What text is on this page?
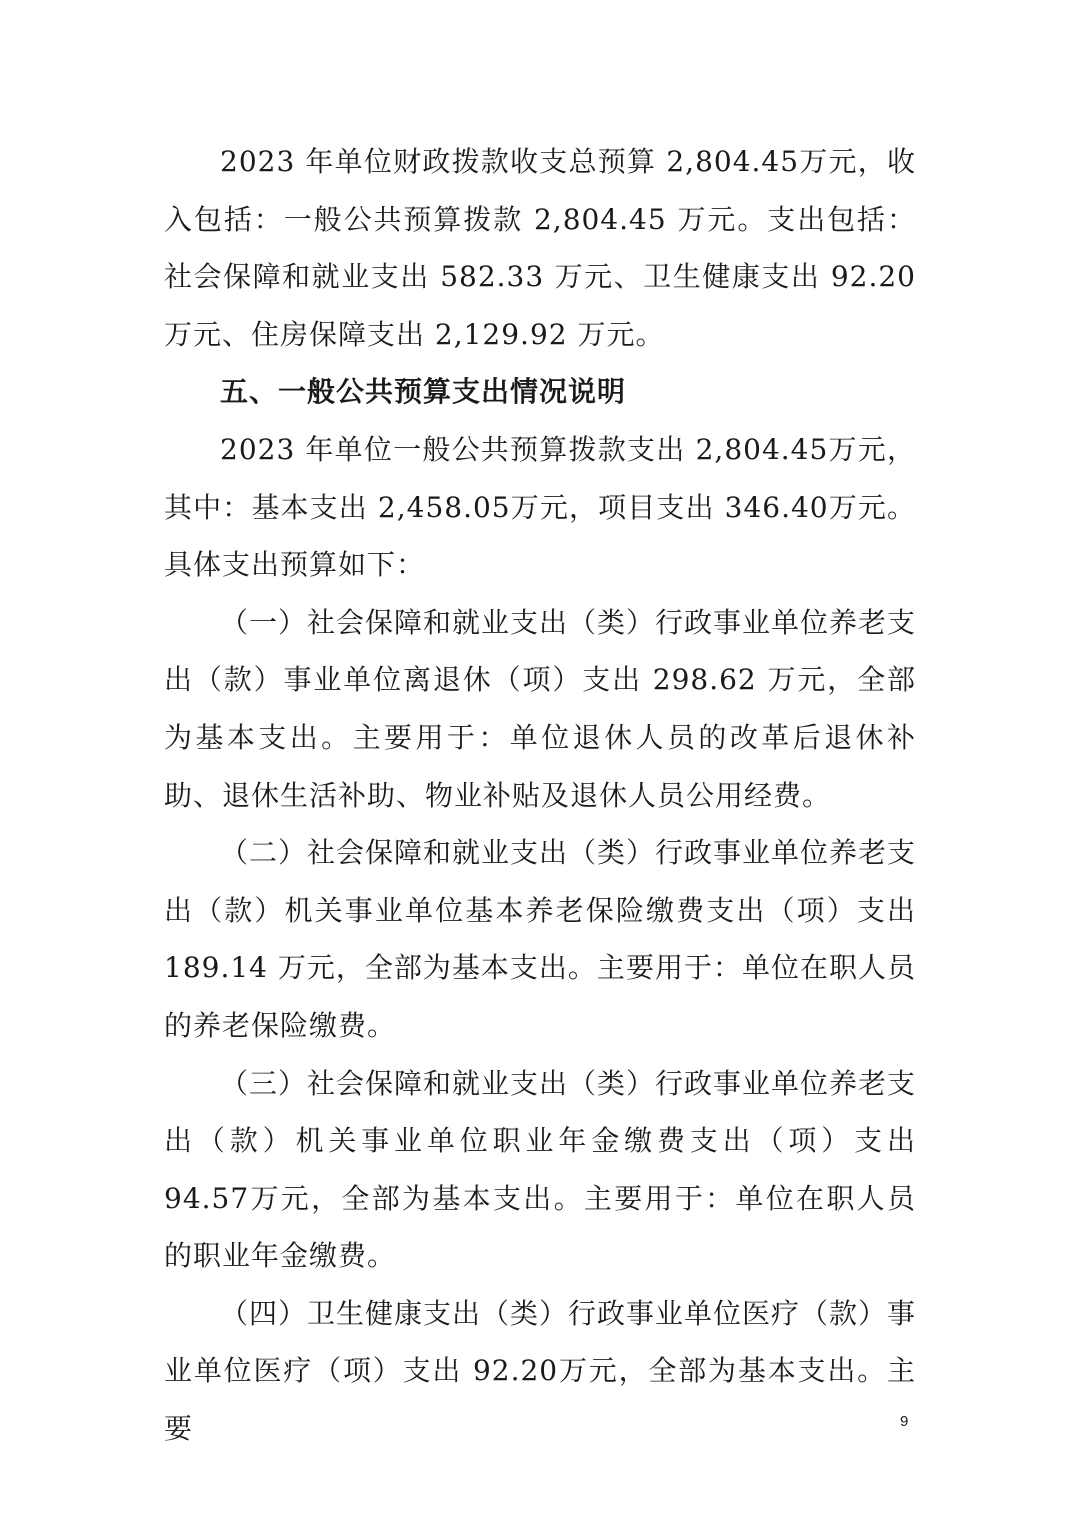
2023 年单位财政拨款收支总预算 2,804.45万元，收入包括：一般公共预算拨款 2,804.45 万元。支出包括：社会保障和就业支出 582.33 万元、卫生健康支出 92.20 万元、住房保障支出 2,129.92 万元。

五、一般公共预算支出情况说明

2023 年单位一般公共预算拨款支出 2,804.45万元，其中：基本支出 2,458.05万元，项目支出 346.40万元。具体支出预算如下：

（一）社会保障和就业支出（类）行政事业单位养老支出（款）事业单位离退休（项）支出 298.62 万元，全部为基本支出。主要用于：单位退休人员的改革后退休补助、退休生活补助、物业补贴及退休人员公用经费。

（二）社会保障和就业支出（类）行政事业单位养老支出（款）机关事业单位基本养老保险缴费支出（项）支出189.14 万元，全部为基本支出。主要用于：单位在职人员的养老保险缴费。

（三）社会保障和就业支出（类）行政事业单位养老支出（款）机关事业单位职业年金缴费支出（项）支出 94.57万元，全部为基本支出。主要用于：单位在职人员的职业年金缴费。

（四）卫生健康支出（类）行政事业单位医疗（款）事业单位医疗（项）支出 92.20万元，全部为基本支出。主要	9
